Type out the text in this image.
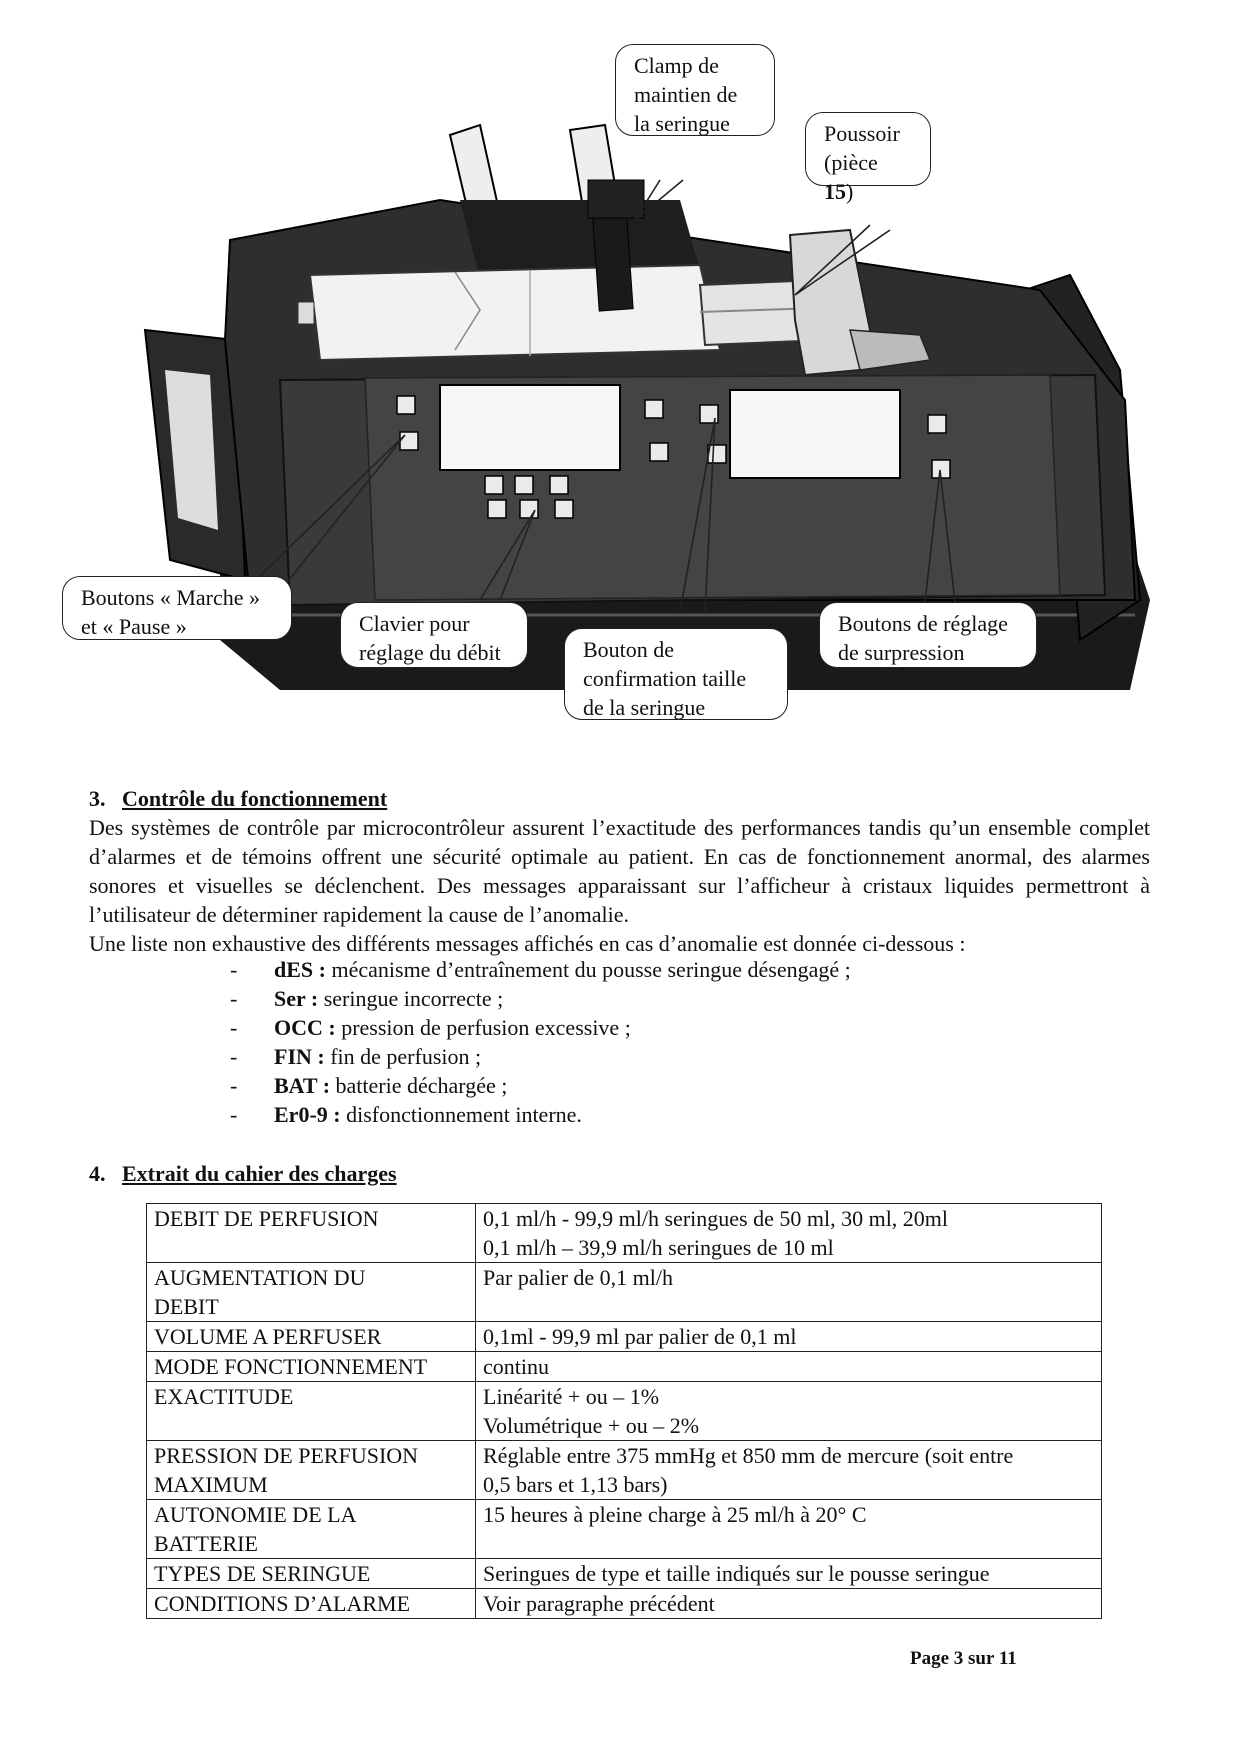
Clamp de
maintien de
la seringue	Poussoir
(pièce 15)
Boutons « Marche »
et « Pause »	Clavier pour
réglage du débit	Bouton de
confirmation taille
de la seringue
Boutons de réglage
de surpression
3. Contrôle du fonctionnement

Des systèmes de contrôle par microcontrôleur assurent l’exactitude des performances tandis qu’un ensemble complet d’alarmes et de témoins offrent une sécurité optimale au patient. En cas de fonctionnement anormal, des alarmes sonores et visuelles se déclenchent. Des messages apparaissant sur l’afficheur à cristaux liquides permettront à l’utilisateur de déterminer rapidement la cause de l’anomalie.

Une liste non exhaustive des différents messages affichés en cas d’anomalie est donnée ci-dessous :

- dES : mécanisme d’entraînement du pousse seringue désengagé ;
- Ser : seringue incorrecte ;
- OCC : pression de perfusion excessive ;
- FIN : fin de perfusion ;
- BAT : batterie déchargée ;
- Er0-9 : disfonctionnement interne.
4. Extrait du cahier des charges
DEBIT DE PERFUSION	0,1 ml/h - 99,9 ml/h seringues de 50 ml, 30 ml, 20ml
0,1 ml/h – 39,9 ml/h seringues de 10 ml

AUGMENTATION DU
DEBIT	Par palier de 0,1 ml/h

VOLUME A PERFUSER	0,1ml - 99,9 ml par palier de 0,1 ml

MODE FONCTIONNEMENT	continu

EXACTITUDE	Linéarité + ou – 1%
Volumétrique + ou – 2%

PRESSION DE PERFUSION
MAXIMUM	Réglable entre 375 mmHg et 850 mm de mercure (soit entre
0,5 bars et 1,13 bars)

AUTONOMIE DE LA
BATTERIE	15 heures à pleine charge à 25 ml/h à 20° C

TYPES DE SERINGUE	Seringues de type et taille indiqués sur le pousse seringue

CONDITIONS D’ALARME	Voir paragraphe précédent
Page 3 sur 11
